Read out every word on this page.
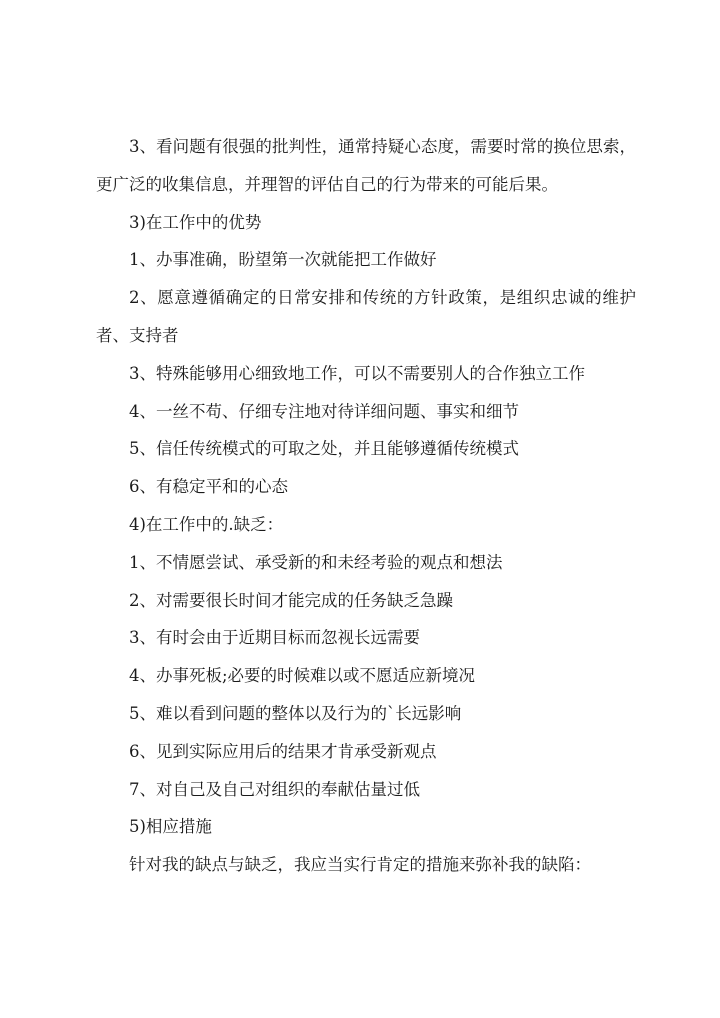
3、看问题有很强的批判性，通常持疑心态度，需要时常的换位思索，更广泛的收集信息，并理智的评估自己的行为带来的可能后果。

3)在工作中的优势

1、办事准确，盼望第一次就能把工作做好

2、愿意遵循确定的日常安排和传统的方针政策，是组织忠诚的维护者、支持者

3、特殊能够用心细致地工作，可以不需要别人的合作独立工作

4、一丝不苟、仔细专注地对待详细问题、事实和细节

5、信任传统模式的可取之处，并且能够遵循传统模式

6、有稳定平和的心态

4)在工作中的.缺乏：

1、不情愿尝试、承受新的和未经考验的观点和想法

2、对需要很长时间才能完成的任务缺乏急躁

3、有时会由于近期目标而忽视长远需要

4、办事死板;必要的时候难以或不愿适应新境况

5、难以看到问题的整体以及行为的`长远影响

6、见到实际应用后的结果才肯承受新观点

7、对自己及自己对组织的奉献估量过低

5)相应措施

针对我的缺点与缺乏，我应当实行肯定的措施来弥补我的缺陷：
